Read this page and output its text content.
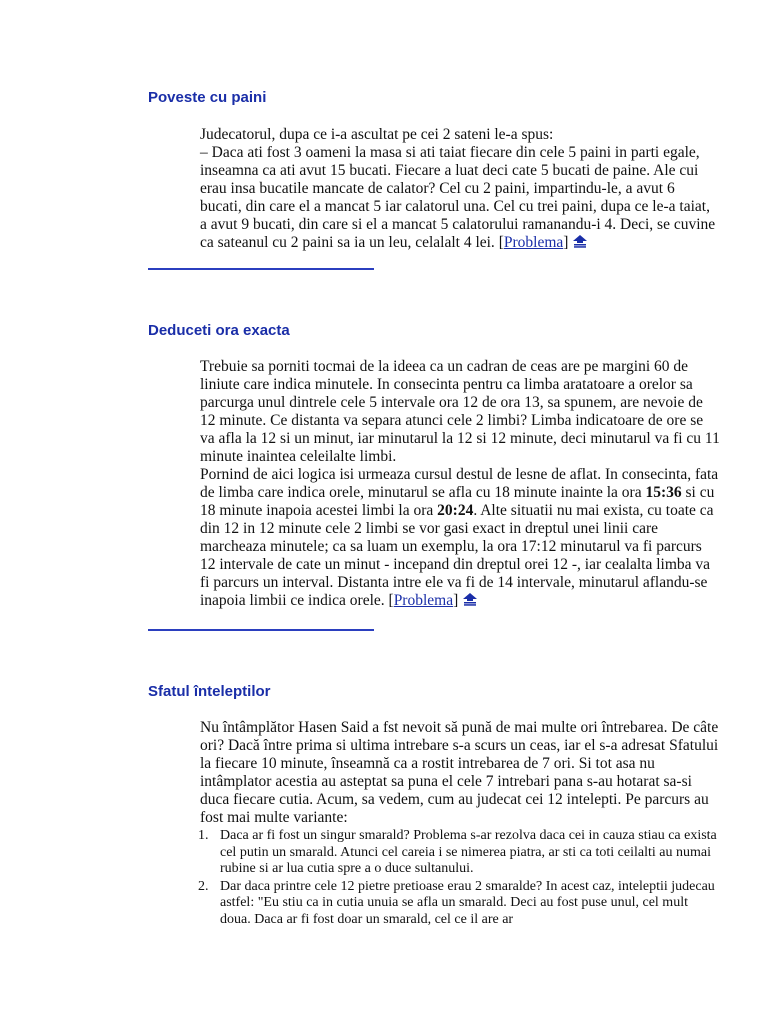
Poveste cu paini

Judecatorul, dupa ce i-a ascultat pe cei 2 sateni le-a spus:

– Daca ati fost 3 oameni la masa si ati taiat fiecare din cele 5 paini in parti egale, inseamna ca ati avut 15 bucati. Fiecare a luat deci cate 5 bucati de paine. Ale cui erau insa bucatile mancate de calator? Cel cu 2 paini, impartindu-le, a avut 6 bucati, din care el a mancat 5 iar calatorul una. Cel cu trei paini, dupa ce le-a taiat, a avut 9 bucati, din care si el a mancat 5 calatorului ramanandu-i 4. Deci, se cuvine ca sateanul cu 2 paini sa ia un leu, celalalt 4 lei. [Problema]

Deduceti ora exacta

Trebuie sa porniti tocmai de la ideea ca un cadran de ceas are pe margini 60 de liniute care indica minutele. In consecinta pentru ca limba aratatoare a orelor sa parcurga unul dintrele cele 5 intervale ora 12 de ora 13, sa spunem, are nevoie de 12 minute. Ce distanta va separa atunci cele 2 limbi? Limba indicatoare de ore se va afla la 12 si un minut, iar minutarul la 12 si 12 minute, deci minutarul va fi cu 11 minute inaintea celeilalte limbi.

Pornind de aici logica isi urmeaza cursul destul de lesne de aflat. In consecinta, fata de limba care indica orele, minutarul se afla cu 18 minute inainte la ora 15:36 si cu 18 minute inapoia acestei limbi la ora 20:24. Alte situatii nu mai exista, cu toate ca din 12 in 12 minute cele 2 limbi se vor gasi exact in dreptul unei linii care marcheaza minutele; ca sa luam un exemplu, la ora 17:12 minutarul va fi parcurs 12 intervale de cate un minut - incepand din dreptul orei 12 -, iar cealalta limba va fi parcurs un interval. Distanta intre ele va fi de 14 intervale, minutarul aflandu-se inapoia limbii ce indica orele. [Problema]

Sfatul înteleptilor

Nu întâmplător Hasen Said a fst nevoit să pună de mai multe ori întrebarea. De câte ori? Dacă între prima si ultima intrebare s-a scurs un ceas, iar el s-a adresat Sfatului la fiecare 10 minute, înseamnă ca a rostit intrebarea de 7 ori. Si tot asa nu intâmplator acestia au asteptat sa puna el cele 7 intrebari pana s-au hotarat sa-si duca fiecare cutia. Acum, sa vedem, cum au judecat cei 12 intelepti. Pe parcurs au fost mai multe variante:

1. Daca ar fi fost un singur smarald? Problema s-ar rezolva daca cei in cauza stiau ca exista cel putin un smarald. Atunci cel careia i se nimerea piatra, ar sti ca toti ceilalti au numai rubine si ar lua cutia spre a o duce sultanului.
2. Dar daca printre cele 12 pietre pretioase erau 2 smaralde? In acest caz, inteleptii judecau astfel: "Eu stiu ca in cutia unuia se afla un smarald. Deci au fost puse unul, cel mult doua. Daca ar fi fost doar un smarald, cel ce il are ar
